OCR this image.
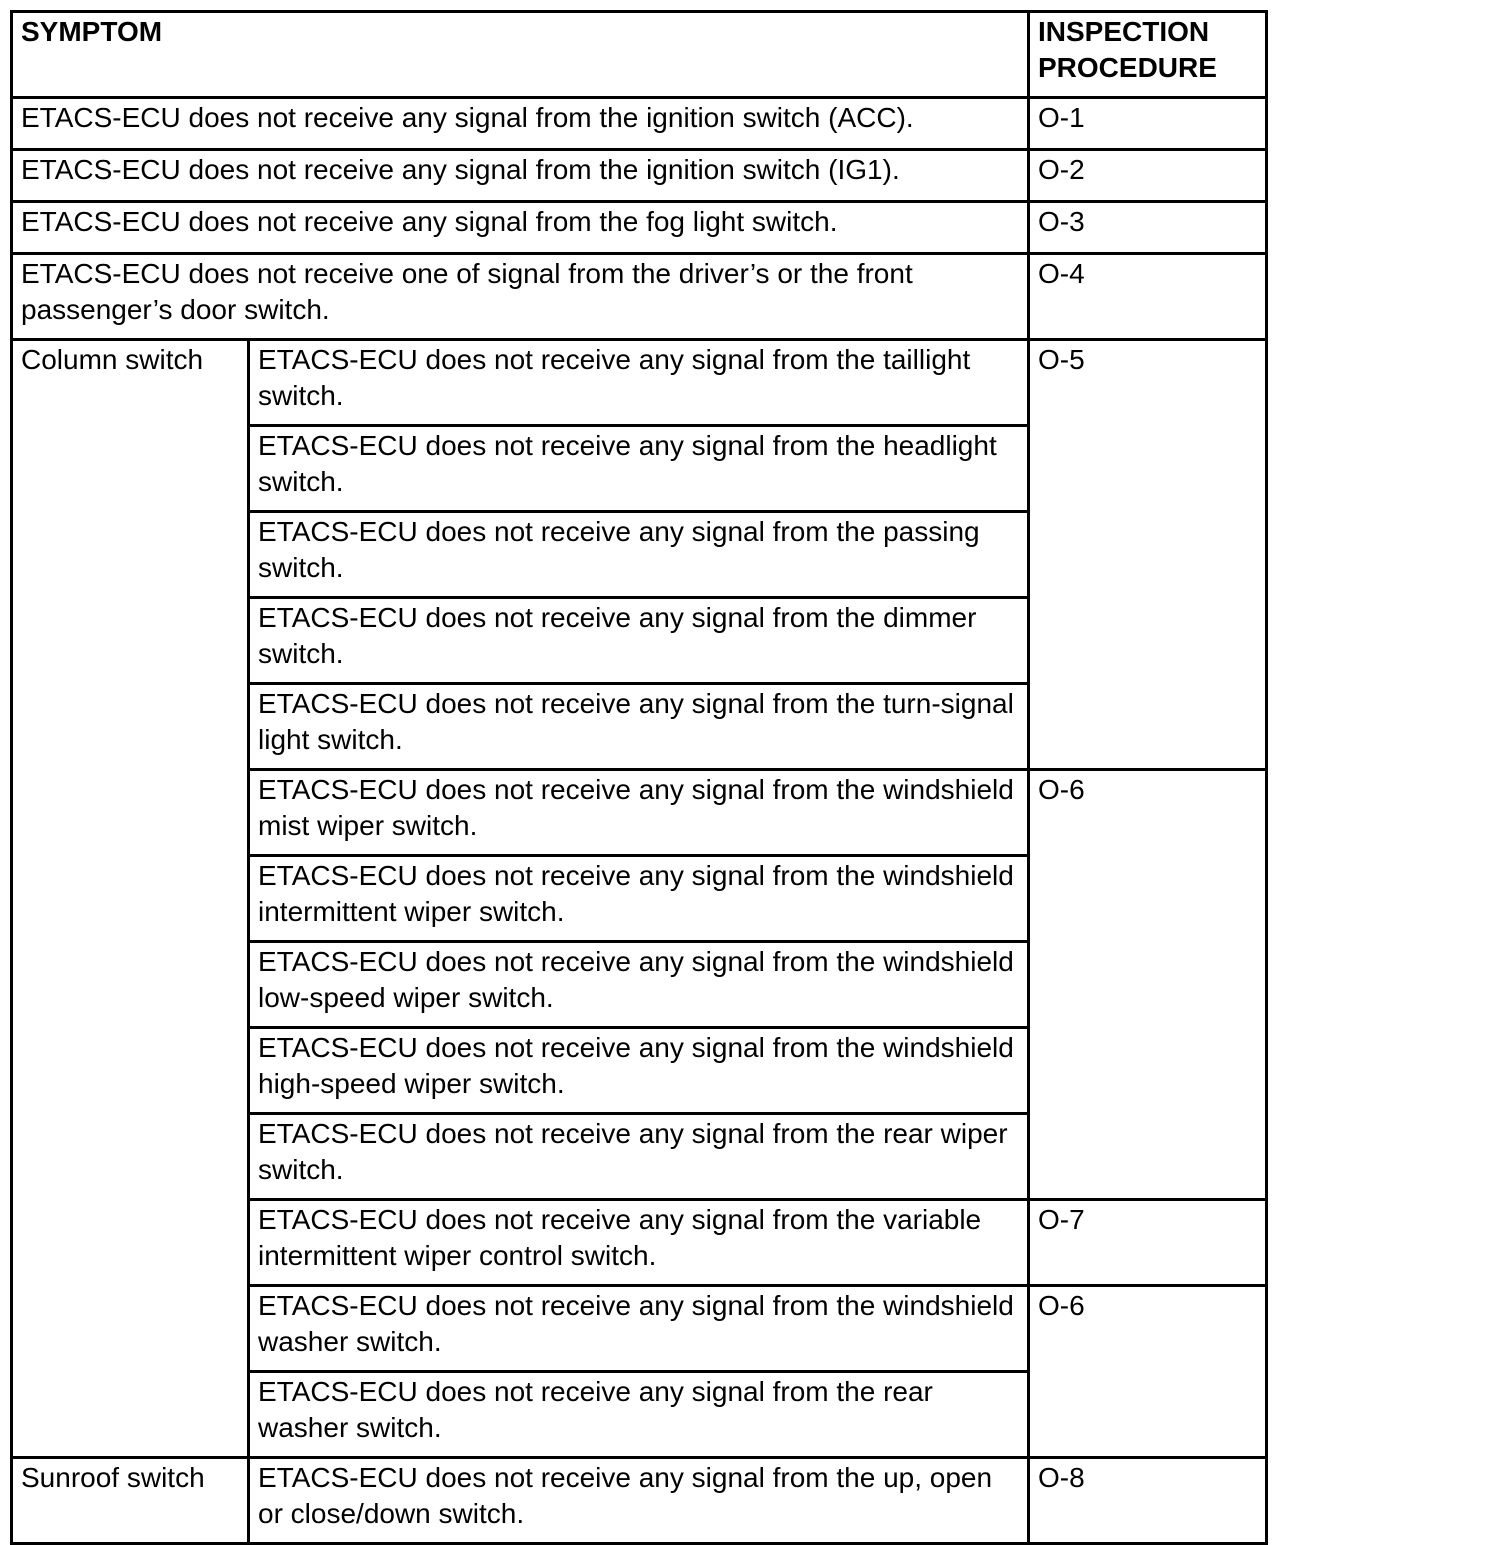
SYMPTOM		INSPECTION PROCEDURE
ETACS-ECU does not receive any signal from the ignition switch (ACC).		O-1
ETACS-ECU does not receive any signal from the ignition switch (IG1).		O-2
ETACS-ECU does not receive any signal from the fog light switch.		O-3
ETACS-ECU does not receive one of signal from the driver’s or the front passenger’s door switch.		O-4
Column switch	ETACS-ECU does not receive any signal from the taillight switch.	O-5
	ETACS-ECU does not receive any signal from the headlight switch.	
	ETACS-ECU does not receive any signal from the passing switch.	
	ETACS-ECU does not receive any signal from the dimmer switch.	
	ETACS-ECU does not receive any signal from the turn-signal light switch.	
	ETACS-ECU does not receive any signal from the windshield mist wiper switch.	O-6
	ETACS-ECU does not receive any signal from the windshield intermittent wiper switch.	
	ETACS-ECU does not receive any signal from the windshield low-speed wiper switch.	
	ETACS-ECU does not receive any signal from the windshield high-speed wiper switch.	
	ETACS-ECU does not receive any signal from the rear wiper switch.	
	ETACS-ECU does not receive any signal from the variable intermittent wiper control switch.	O-7
	ETACS-ECU does not receive any signal from the windshield washer switch.	O-6
	ETACS-ECU does not receive any signal from the rear washer switch.	
Sunroof switch	ETACS-ECU does not receive any signal from the up, open or close/down switch.	O-8
